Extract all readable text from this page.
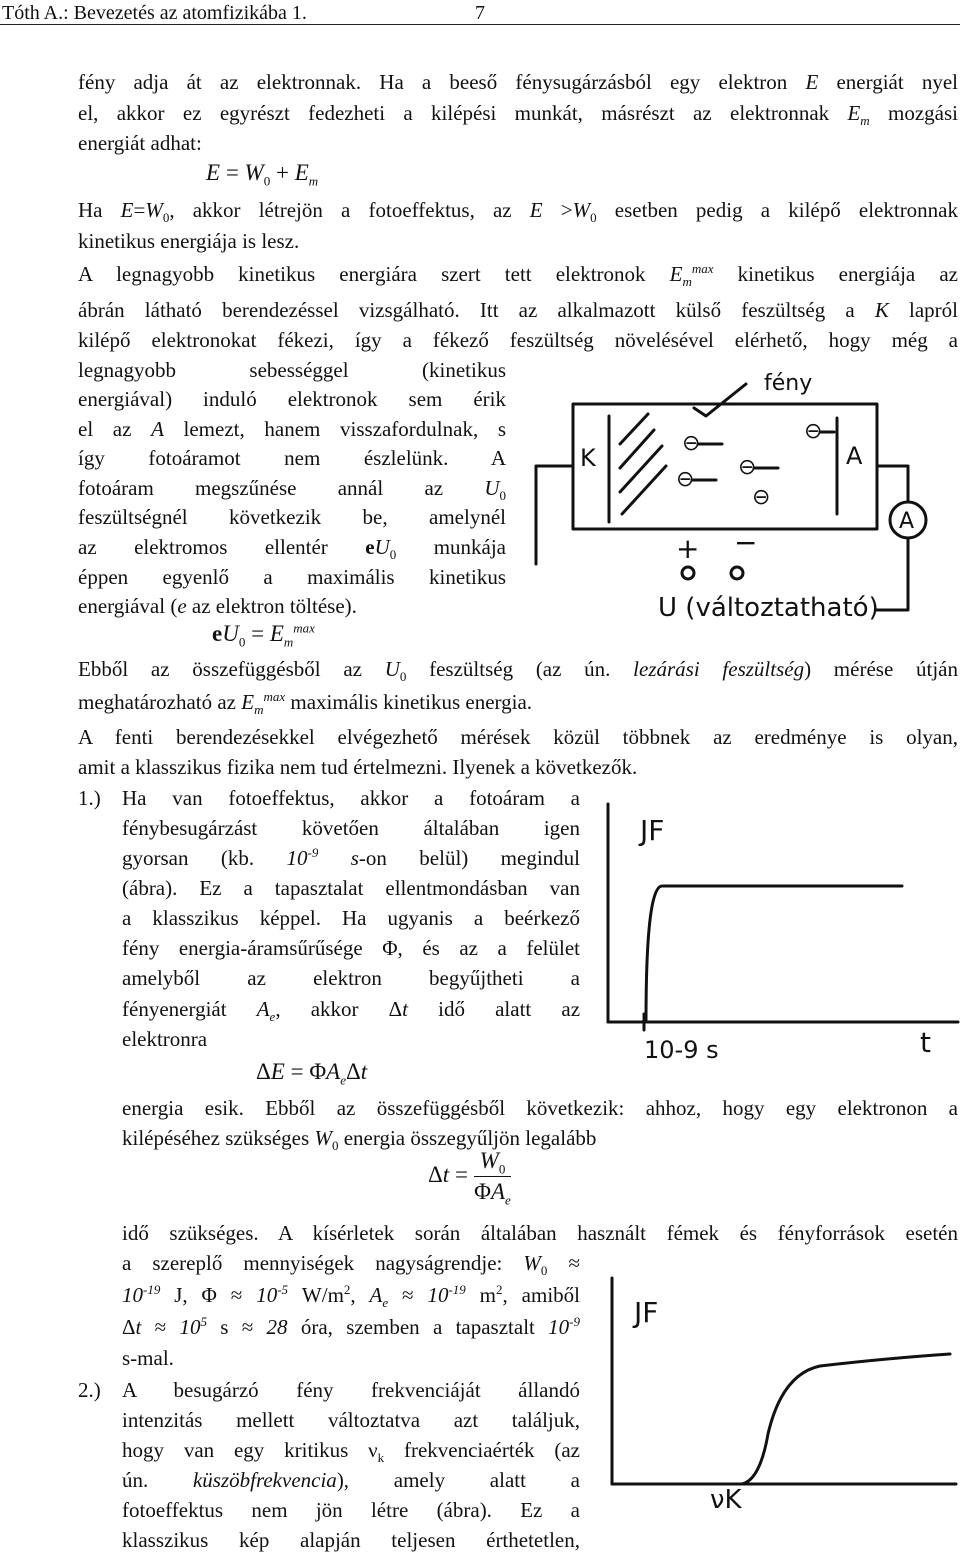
Tóth A.: Bevezetés az atomfizikába 1.	7
fény adja át az elektronnak. Ha a beeső fénysugárzásból egy elektron E energiát nyel
el, akkor ez egyrészt fedezheti a kilépési munkát, másrészt az elektronnak $E_m$ mozgási
energiát adhat:
$E = W_0 + E_m$
Ha $E=W_0$, akkor létrejön a fotoeffektus, az $E >W_0$ esetben pedig a kilépő elektronnak
kinetikus energiája is lesz.
A legnagyobb kinetikus energiára szert tett elektronok $E_m^{max}$ kinetikus energiája az
ábrán látható berendezéssel vizsgálható. Itt az alkalmazott külső feszültség a K lapról
kilépő elektronokat fékezi, így a fékező feszültség növelésével elérhető, hogy még a
legnagyobb sebességgel (kinetikus
energiával) induló elektronok sem érik
el az A lemezt, hanem visszafordulnak, s
így fotoáramot nem észlelünk. A
fotoáram megszűnése annál az $U_0$
feszültségnél következik be, amelynél
az elektromos ellentér $eU_0$ munkája
éppen egyenlő a maximális kinetikus
energiával (e az elektron töltése).
$eU_0 = E_m^{max}$
Ebből az összefüggésből az $U_0$ feszültség (az ún. lezárási feszültség) mérése útján
meghatározható az $E_m^{max}$ maximális kinetikus energia.
A fenti berendezésekkel elvégezhető mérések közül többnek az eredménye is olyan,
amit a klasszikus fizika nem tud értelmezni. Ilyenek a következők.
1.) Ha van fotoeffektus, akkor a fotoáram a
fénybesugárzást követően általában igen
gyorsan (kb. $10^{-9}$ s-on belül) megindul
(ábra). Ez a tapasztalat ellentmondásban van
a klasszikus képpel. Ha ugyanis a beérkező
fény energia-áramsűrűsége Φ, és az a felület
amelyből az elektron begyűjtheti a
fényenergiát $A_e$, akkor Δt idő alatt az
elektronra
$\Delta E = \Phi A_e\Delta t$
energia esik. Ebből az összefüggésből következik: ahhoz, hogy egy elektronon a
kilépéséhez szükséges $W_0$ energia összegyűljön legalább
$\Delta t = \frac{W_0}{\Phi A_e}$
idő szükséges. A kísérletek során általában használt fémek és fényforrások esetén
a szereplő mennyiségek nagyságrendje: $W_0$ ≈
$10^{-19}$ J, $\Phi \approx 10^{-5}$ $W/m^2$, $A_e \approx 10^{-19}$ $m^2$, amiből
$\Delta t \approx 10^5$ s ≈ 28 óra, szemben a tapasztalt $10^{-9}$
s-mal.
2.) A besugárzó fény frekvenciáját állandó
intenzitás mellett változtatva azt találjuk,
hogy van egy kritikus $\nu_k$ frekvenciaérték (az
ún. küszöbfrekvencia), amely alatt a
fotoeffektus nem jön létre (ábra). Ez a
klasszikus kép alapján teljesen érthetetlen,
fény
K	A
⊖
⊖ ⊖
⊖
⊖
A
+ −
U (változtatható)
JF
10-9 s	t
JF
νK
